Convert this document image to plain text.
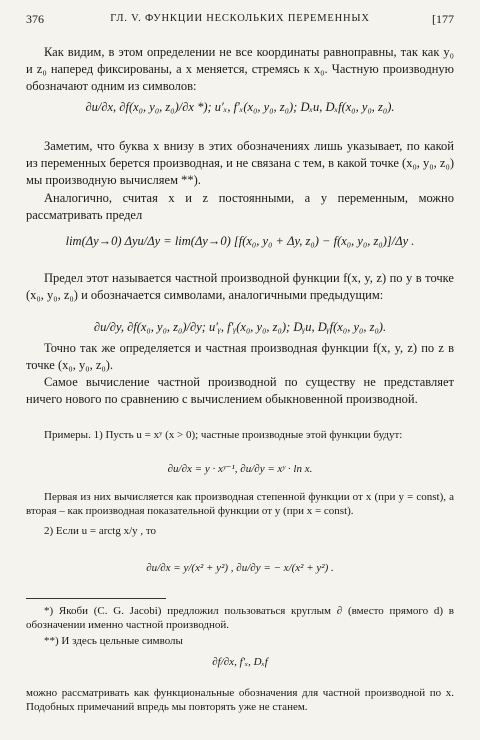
376	ГЛ. V. ФУНКЦИИ НЕСКОЛЬКИХ ПЕРЕМЕННЫХ	[177
Как видим, в этом определении не все координаты равноправны, так как y₀ и z₀ наперед фиксированы, а x меняется, стремясь к x₀. Частную производную обозначают одним из символов:
∂u/∂x, ∂f(x₀, y₀, z₀)/∂x *); u′ₓ, f′ₓ(x₀, y₀, z₀); Dₓu, Dₓf(x₀, y₀, z₀).
Заметим, что буква x внизу в этих обозначениях лишь указывает, по какой из переменных берется производная, и не связана с тем, в какой точке (x₀, y₀, z₀) мы производную вычисляем **).
Аналогично, считая x и z постоянными, а y переменным, можно рассматривать предел
lim(Δy→0) Δyu/Δy = lim(Δy→0) [f(x₀, y₀ + Δy, z₀) − f(x₀, y₀, z₀)]/Δy .
Предел этот называется частной производной функции f(x, y, z) по y в точке (x₀, y₀, z₀) и обозначается символами, аналогичными предыдущим:
∂u/∂y, ∂f(x₀, y₀, z₀)/∂y; u′ᵧ, f′ᵧ(x₀, y₀, z₀); Dᵧu, Dᵧf(x₀, y₀, z₀).
Точно так же определяется и частная производная функции f(x, y, z) по z в точке (x₀, y₀, z₀).
Самое вычисление частной производной по существу не представляет ничего нового по сравнению с вычислением обыкновенной производной.
Примеры. 1) Пусть u = xʸ (x > 0); частные производные этой функции будут:
∂u/∂x = y · xʸ⁻¹, ∂u/∂y = xʸ · ln x.
Первая из них вычисляется как производная степенной функции от x (при y = const), а вторая – как производная показательной функции от y (при x = const).
2) Если u = arctg x/y , то
∂u/∂x = y/(x² + y²) , ∂u/∂y = − x/(x² + y²) .
*) Якоби (C. G. Jacobi) предложил пользоваться круглым ∂ (вместо прямого d) в обозначении именно частной производной.
**) И здесь цельные символы
∂f/∂x, f′ₓ, Dₓf
можно рассматривать как функциональные обозначения для частной производной по x. Подобных примечаний впредь мы повторять уже не станем.
